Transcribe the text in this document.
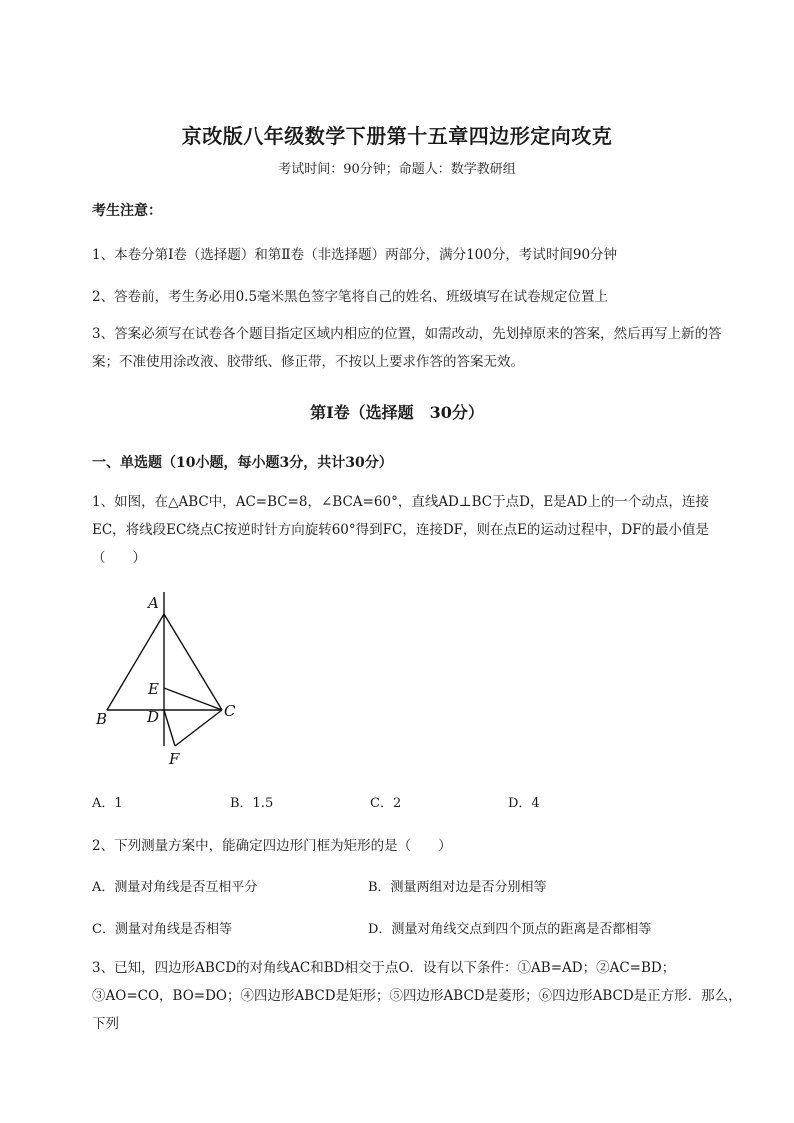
京改版八年级数学下册第十五章四边形定向攻克
考试时间：90分钟；命题人：数学教研组
考生注意：
1、本卷分第I卷（选择题）和第Ⅱ卷（非选择题）两部分，满分100分，考试时间90分钟
2、答卷前，考生务必用0.5毫米黑色签字笔将自己的姓名、班级填写在试卷规定位置上
3、答案必须写在试卷各个题目指定区域内相应的位置，如需改动，先划掉原来的答案，然后再写上新的答案；不准使用涂改液、胶带纸、修正带，不按以上要求作答的答案无效。
第I卷（选择题　30分）
一、单选题（10小题，每小题3分，共计30分）
1、如图，在△ABC中，AC=BC=8，∠BCA=60°，直线AD⊥BC于点D，E是AD上的一个动点，连接EC，将线段EC绕点C按逆时针方向旋转60°得到FC，连接DF，则在点E的运动过程中，DF的最小值是（　　）
A
B	C
D
E
F
A．1	B．1.5	C．2	D．4
2、下列测量方案中，能确定四边形门框为矩形的是（　　）
A．测量对角线是否互相平分	B．测量两组对边是否分别相等
C．测量对角线是否相等	D．测量对角线交点到四个顶点的距离是否都相等
3、已知，四边形ABCD的对角线AC和BD相交于点O．设有以下条件：①AB=AD；②AC=BD；③AO=CO，BO=DO；④四边形ABCD是矩形；⑤四边形ABCD是菱形；⑥四边形ABCD是正方形．那么，下列
